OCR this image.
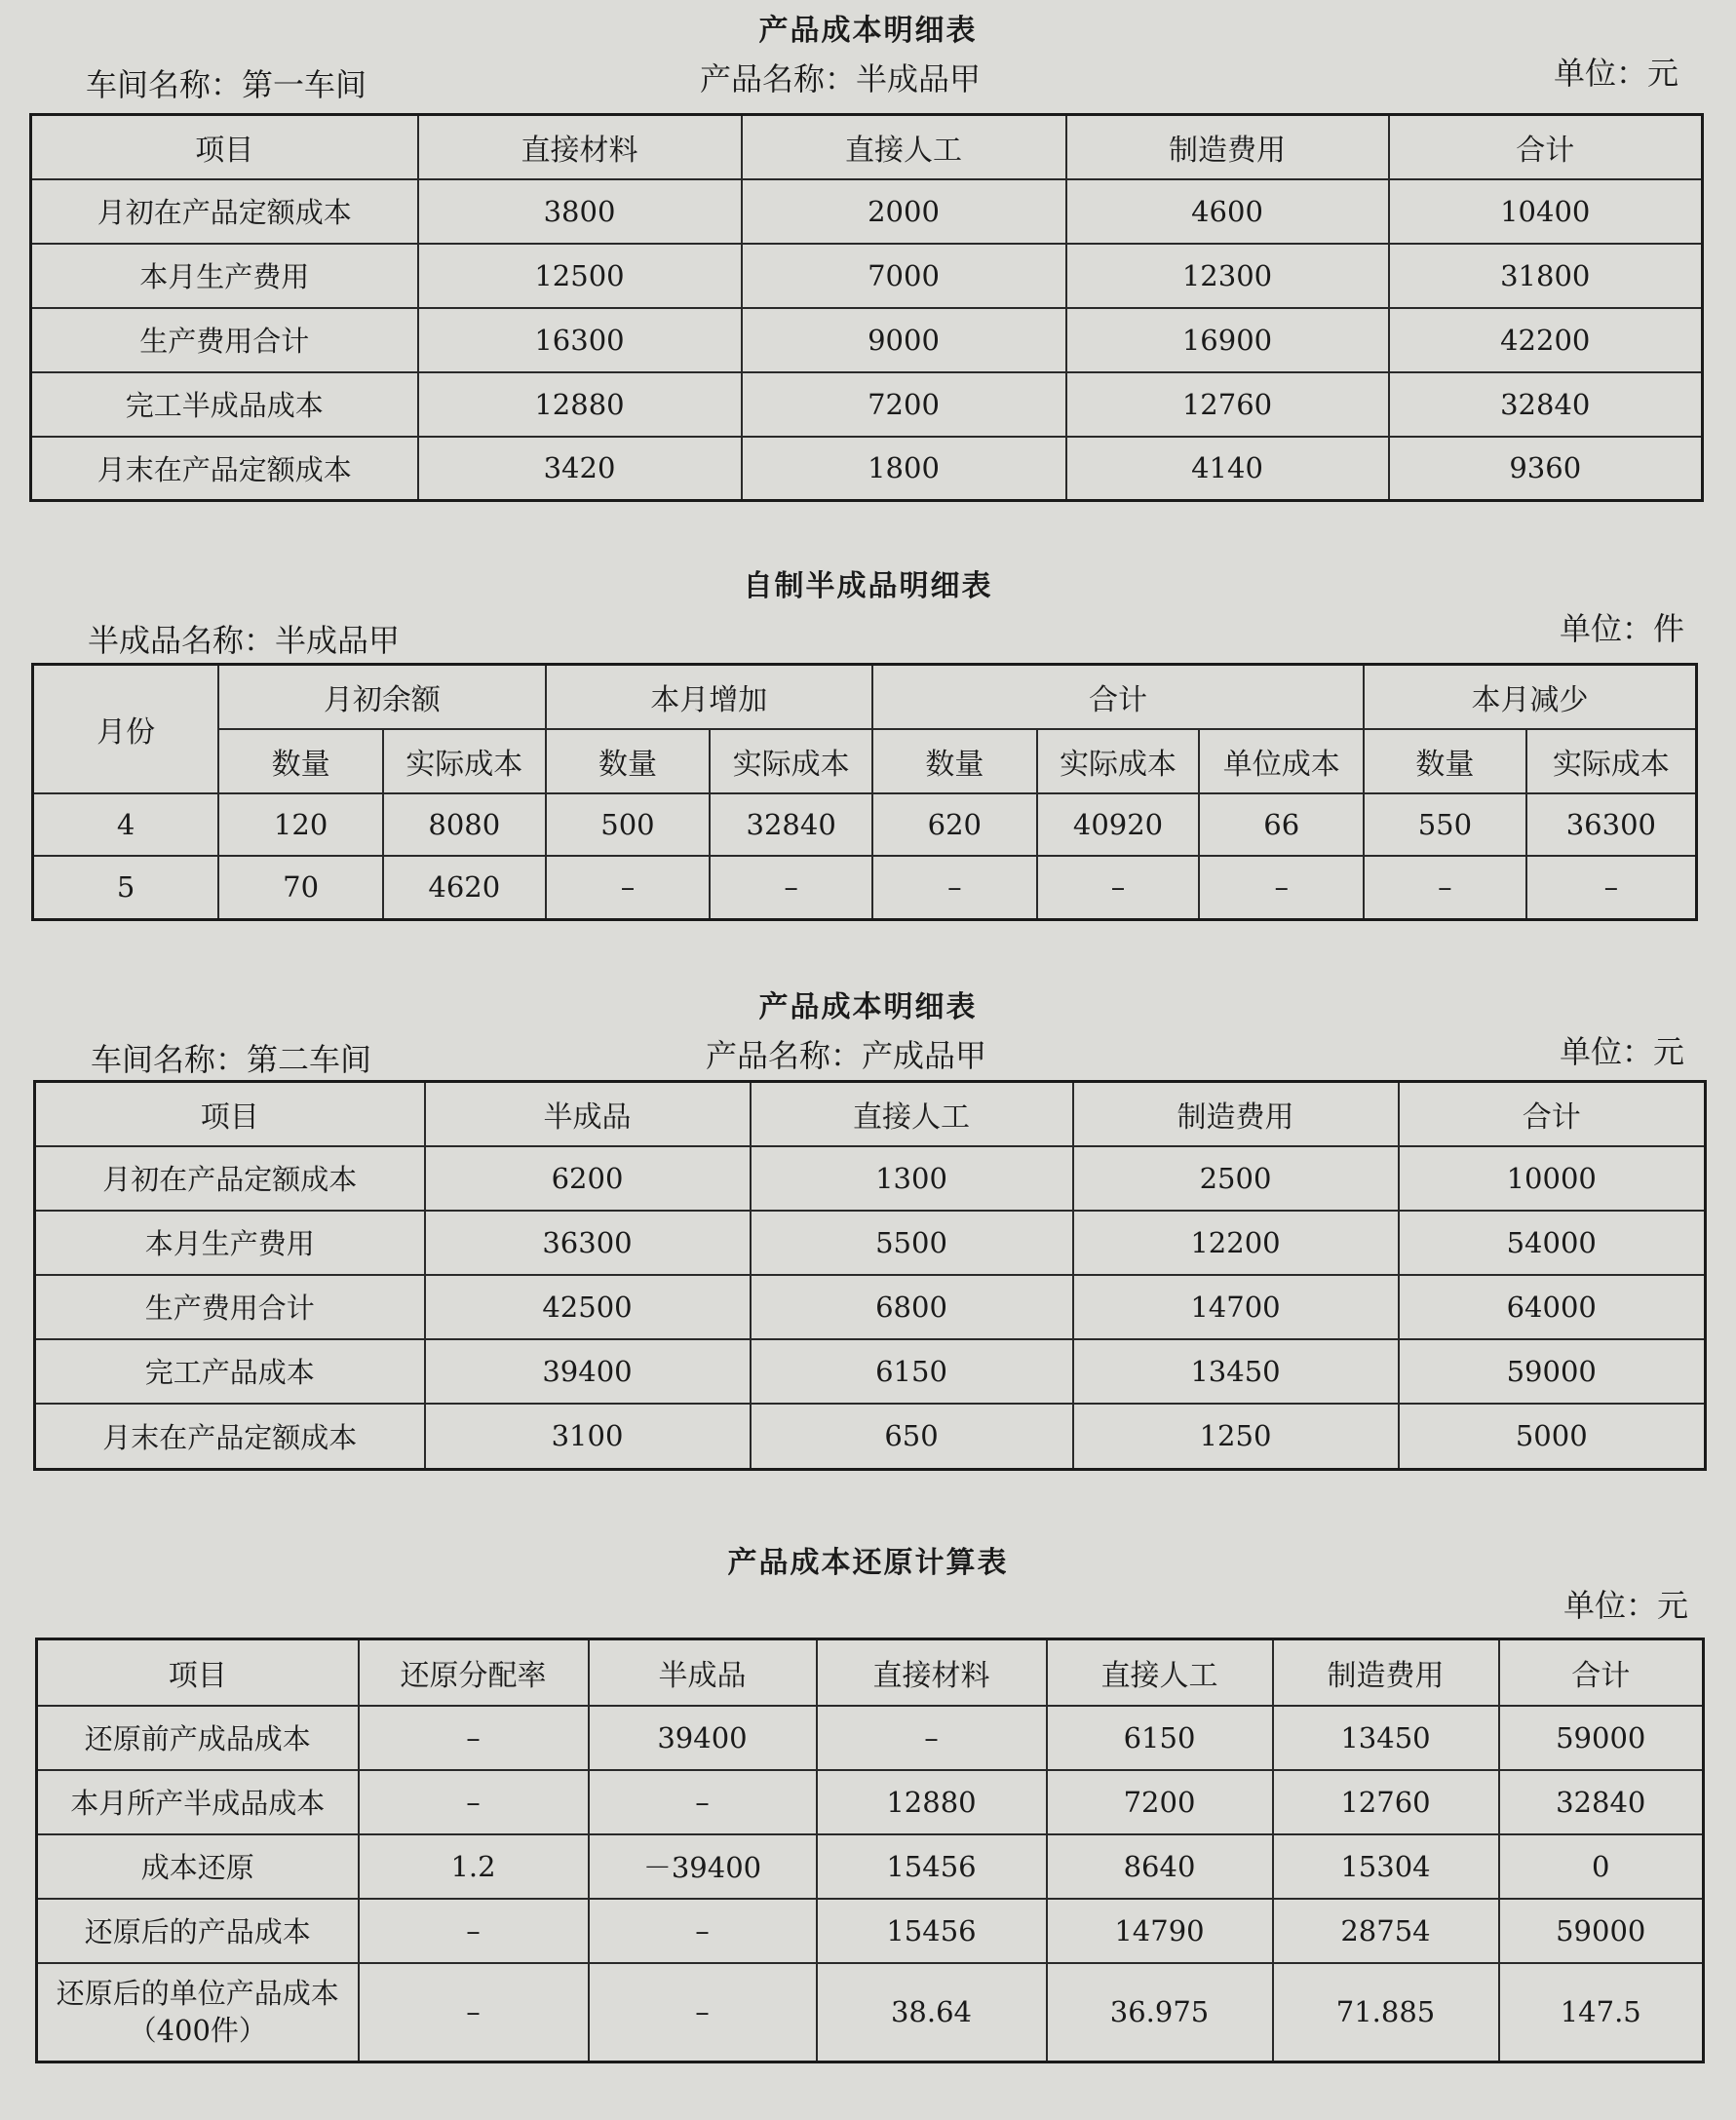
产品成本明细表
车间名称：第一车间	产品名称：半成品甲	单位：元
项目	直接材料	直接人工	制造费用	合计
月初在产品定额成本	3800	2000	4600	10400
本月生产费用	12500	7000	12300	31800
生产费用合计	16300	9000	16900	42200
完工半成品成本	12880	7200	12760	32840
月末在产品定额成本	3420	1800	4140	9360
自制半成品明细表
半成品名称：半成品甲	单位：件
月份	月初余额		本月增加		合计			本月减少	
	数量	实际成本	数量	实际成本	数量	实际成本	单位成本	数量	实际成本
4	120	8080	500	32840	620	40920	66	550	36300
5	70	4620	–	–	–	–	–	–	–
产品成本明细表
车间名称：第二车间	产品名称：产成品甲	单位：元
项目	半成品	直接人工	制造费用	合计
月初在产品定额成本	6200	1300	2500	10000
本月生产费用	36300	5500	12200	54000
生产费用合计	42500	6800	14700	64000
完工产品成本	39400	6150	13450	59000
月末在产品定额成本	3100	650	1250	5000
产品成本还原计算表
单位：元
项目	还原分配率	半成品	直接材料	直接人工	制造费用	合计
还原前产成品成本	–	39400	–	6150	13450	59000
本月所产半成品成本	–	–	12880	7200	12760	32840
成本还原	1.2	－39400	15456	8640	15304	0
还原后的产品成本	–	–	15456	14790	28754	59000
还原后的单位产品成本（400件）	–	–	38.64	36.975	71.885	147.5
